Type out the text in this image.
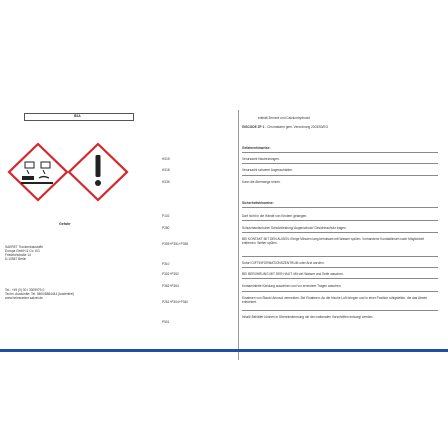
BSA
enthält Zement und Calciumhydroxid
GISCODE ZP 1 - Chromatarm gem. Verordnung 2003/53/EG
Gefahr
SAKRET Trockenbaustoffe
Europa GmbH & Co. KG
Friedrichstraße 14
D-10587 Berlin
Tel.: +49 (0) 30 / 3309979-0
Techn. Auskünfte: Tel. 0800/8884444 (kostenfrei)
www.heimwerker.sakret.de
Gefahrenhinweise:
H315
H318
H335
Verursacht Hautreizungen.
Verursacht schwere Augenschäden.
Kann die Atemwege reizen.
Sicherheitshinweise:
P102
P280
P305+P351+P338
P310
P302+P352
P362+P364
P261+P304+P340
P501
Darf nicht in die Hände von Kindern gelangen.
Schutzhandschuhe/ Schutzkleidung/ Augenschutz/ Gesichtsschutz tragen.
BEI KONTAKT MIT DEN AUGEN: Einige Minuten lang behutsam mit Wasser spülen. Vorhandene Kontaktlinsen nach Möglichkeit entfernen. Weiter spülen.
Sofort GIFTINFORMATIONSZENTRUM oder Arzt anrufen.
BEI BERÜHRUNG MIT DER HAUT: Mit viel Wasser und Seife waschen.
Kontaminierte Kleidung ausziehen und vor erneutem Tragen waschen.
Einatmen von Staub/ Aerosol vermeiden. Bei Einatmen: An die frische Luft bringen und in einer Position ruhigstellen, die das Atmen erleichtert.
Inhalt/ Behälter können in Übereinstimmung mit den nationalen Vorschriften entsorgt werden.
